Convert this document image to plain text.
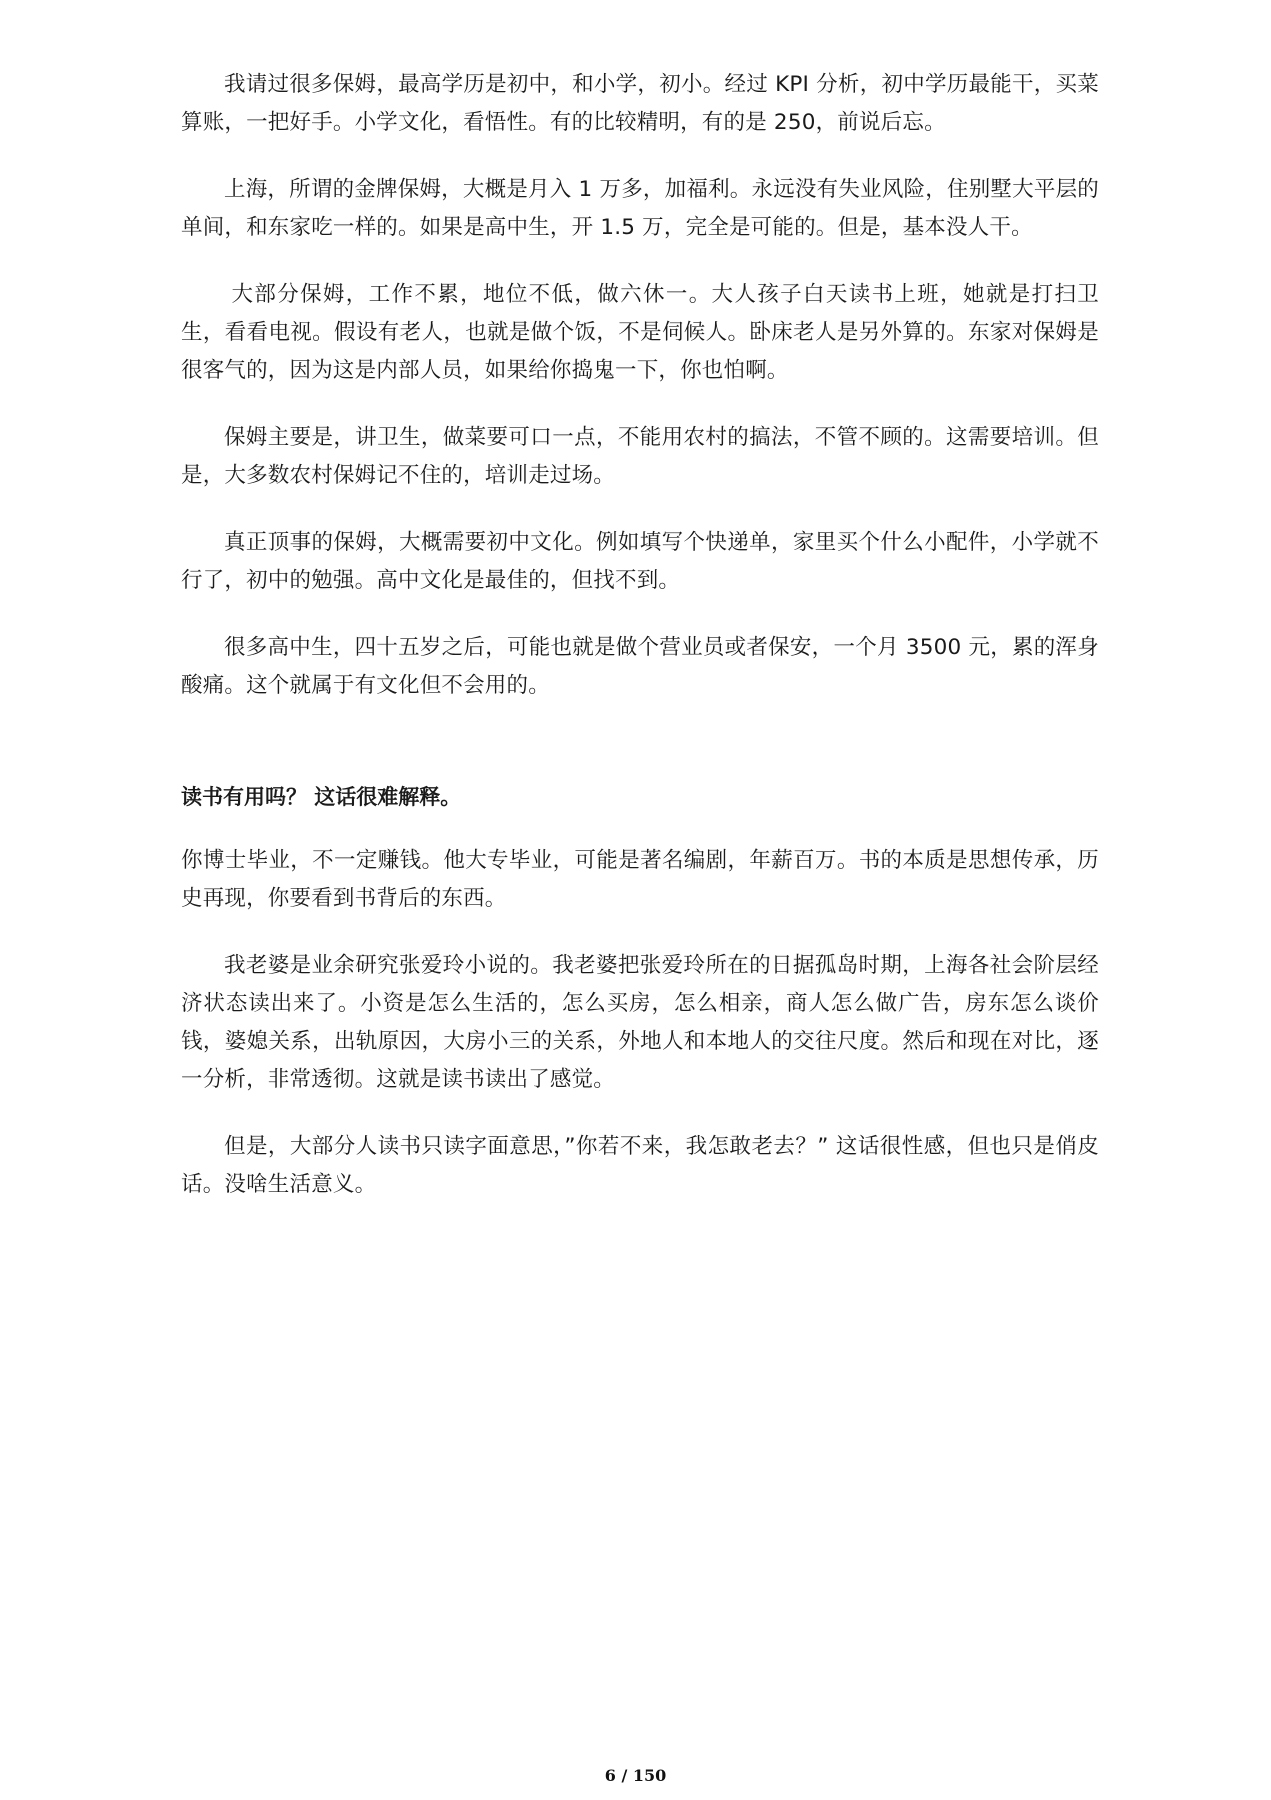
我请过很多保姆，最高学历是初中，和小学，初小。经过 KPI 分析，初中学历最能干，买菜算账，一把好手。小学文化，看悟性。有的比较精明，有的是 250，前说后忘。

上海，所谓的金牌保姆，大概是月入 1 万多，加福利。永远没有失业风险，住别墅大平层的单间，和东家吃一样的。如果是高中生，开 1.5 万，完全是可能的。但是，基本没人干。

大部分保姆，工作不累，地位不低，做六休一。大人孩子白天读书上班，她就是打扫卫生，看看电视。假设有老人，也就是做个饭，不是伺候人。卧床老人是另外算的。东家对保姆是很客气的，因为这是内部人员，如果给你捣鬼一下，你也怕啊。

保姆主要是，讲卫生，做菜要可口一点，不能用农村的搞法，不管不顾的。这需要培训。但是，大多数农村保姆记不住的，培训走过场。

真正顶事的保姆，大概需要初中文化。例如填写个快递单，家里买个什么小配件，小学就不行了，初中的勉强。高中文化是最佳的，但找不到。

很多高中生，四十五岁之后，可能也就是做个营业员或者保安，一个月 3500 元，累的浑身酸痛。这个就属于有文化但不会用的。

读书有用吗？ 这话很难解释。

你博士毕业，不一定赚钱。他大专毕业，可能是著名编剧，年薪百万。书的本质是思想传承，历史再现，你要看到书背后的东西。

我老婆是业余研究张爱玲小说的。我老婆把张爱玲所在的日据孤岛时期，上海各社会阶层经济状态读出来了。小资是怎么生活的，怎么买房，怎么相亲，商人怎么做广告，房东怎么谈价钱，婆媳关系，出轨原因，大房小三的关系，外地人和本地人的交往尺度。然后和现在对比，逐一分析，非常透彻。这就是读书读出了感觉。

但是，大部分人读书只读字面意思，”你若不来，我怎敢老去？” 这话很性感，但也只是俏皮话。没啥生活意义。

6 / 150
